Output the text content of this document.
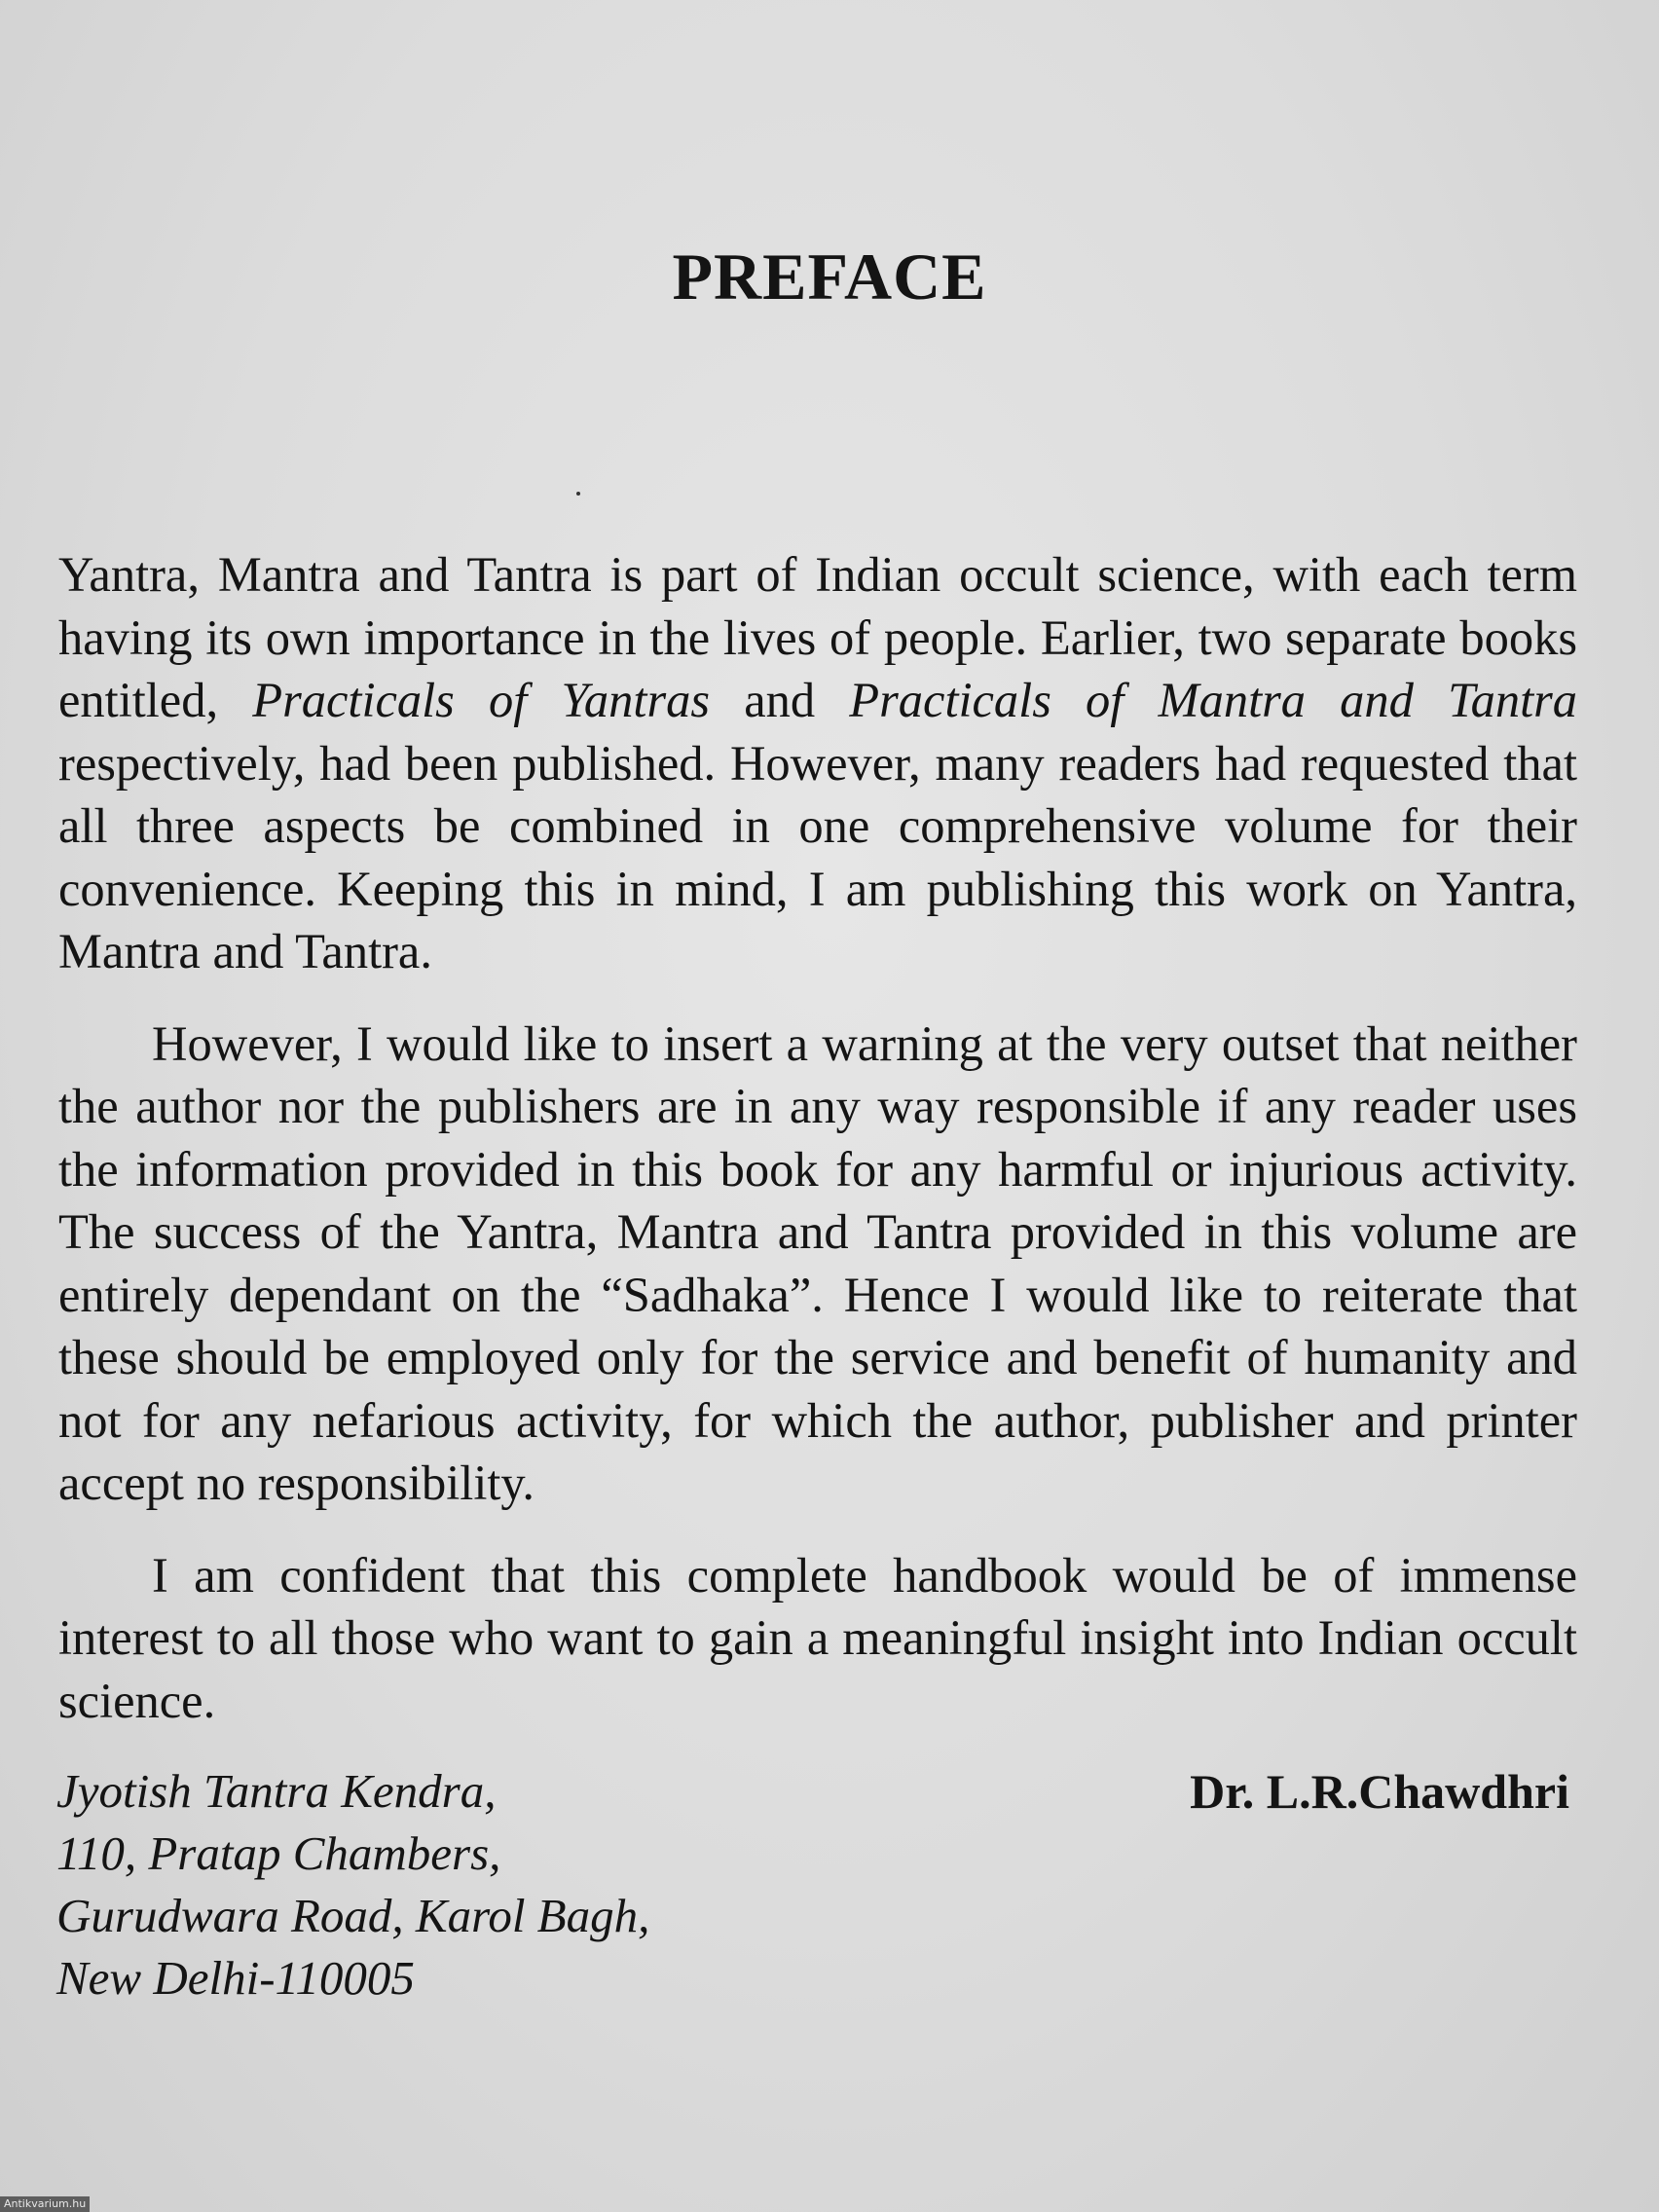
PREFACE

Yantra, Mantra and Tantra is part of Indian occult science, with each term having its own importance in the lives of people. Earlier, two separate books entitled, Practicals of Yantras and Practicals of Mantra and Tantra respectively, had been published. However, many readers had requested that all three aspects be combined in one comprehensive volume for their convenience. Keeping this in mind, I am publishing this work on Yantra, Mantra and Tantra.

However, I would like to insert a warning at the very outset that neither the author nor the publishers are in any way responsible if any reader uses the information provided in this book for any harmful or injurious activity. The success of the Yantra, Mantra and Tantra provided in this volume are entirely dependant on the “Sadhaka”. Hence I would like to reiterate that these should be employed only for the service and benefit of humanity and not for any nefarious activity, for which the author, publisher and printer accept no responsibility.

I am confident that this complete handbook would be of immense interest to all those who want to gain a meaningful insight into Indian occult science.

Jyotish Tantra Kendra,
110, Pratap Chambers,
Gurudwara Road, Karol Bagh,
New Delhi-110005
Dr. L.R.Chawdhri
Antikvarium.hu
